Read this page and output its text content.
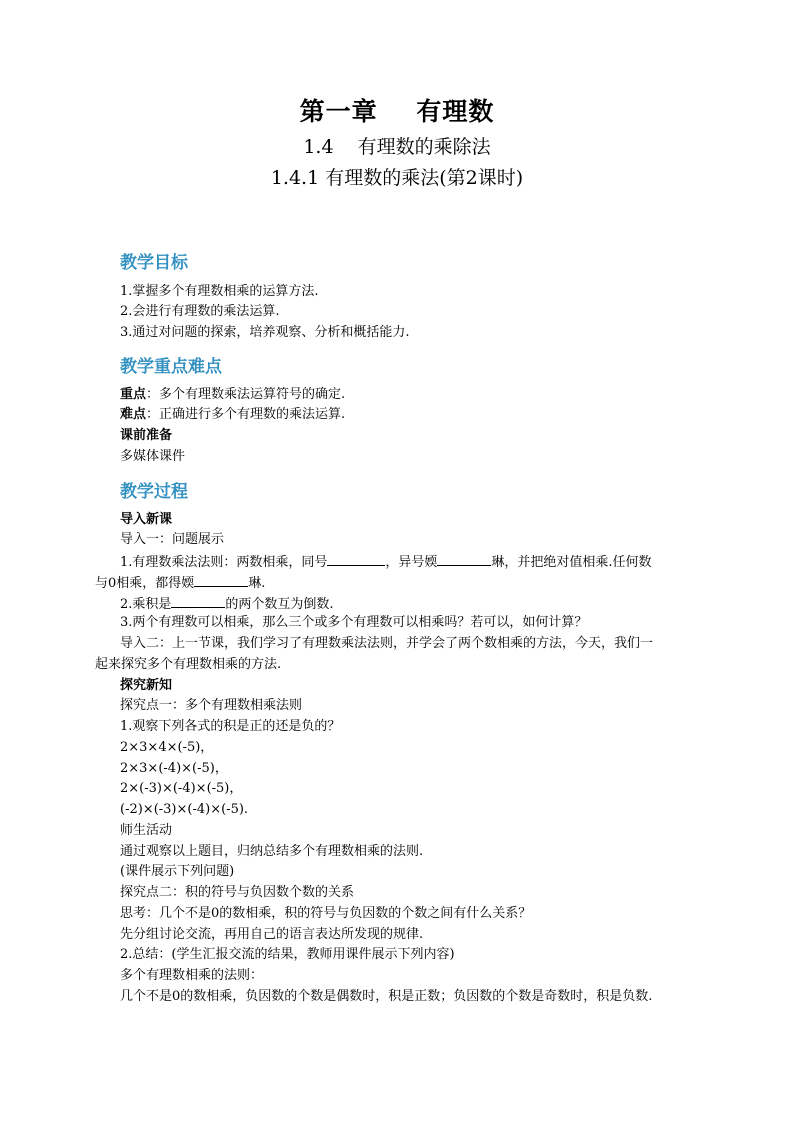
第一章    有理数
1.4    有理数的乘除法
1.4.1 有理数的乘法(第2课时)
教学目标
1.掌握多个有理数相乘的运算方法.
2.会进行有理数的乘法运算.
3.通过对问题的探索，培养观察、分析和概括能力.
教学重点难点
重点：多个有理数乘法运算符号的确定.
难点：正确进行多个有理数的乘法运算.
课前准备
多媒体课件
教学过程
导入新课
导入一：问题展示
1.有理数乘法法则：两数相乘，同号	，异号媆	琳，并把绝对值相乘.任何数
与0相乘，都得媆	琳.
2.乘积是	的两个数互为倒数.
3.两个有理数可以相乘，那么三个或多个有理数可以相乘吗？若可以，如何计算？
导入二：上一节课，我们学习了有理数乘法法则，并学会了两个数相乘的方法，今天，我们一
起来探究多个有理数相乘的方法.
探究新知
探究点一：多个有理数相乘法则
1.观察下列各式的积是正的还是负的？
2×3×4×(-5)，
2×3×(-4)×(-5)，
2×(-3)×(-4)×(-5)，
(-2)×(-3)×(-4)×(-5).
师生活动
通过观察以上题目，归纳总结多个有理数相乘的法则.
(课件展示下列问题)
探究点二：积的符号与负因数个数的关系
思考：几个不是0的数相乘，积的符号与负因数的个数之间有什么关系？
先分组讨论交流，再用自己的语言表达所发现的规律.
2.总结：(学生汇报交流的结果，教师用课件展示下列内容)
多个有理数相乘的法则：
几个不是0的数相乘，负因数的个数是偶数时，积是正数；负因数的个数是奇数时，积是负数.
